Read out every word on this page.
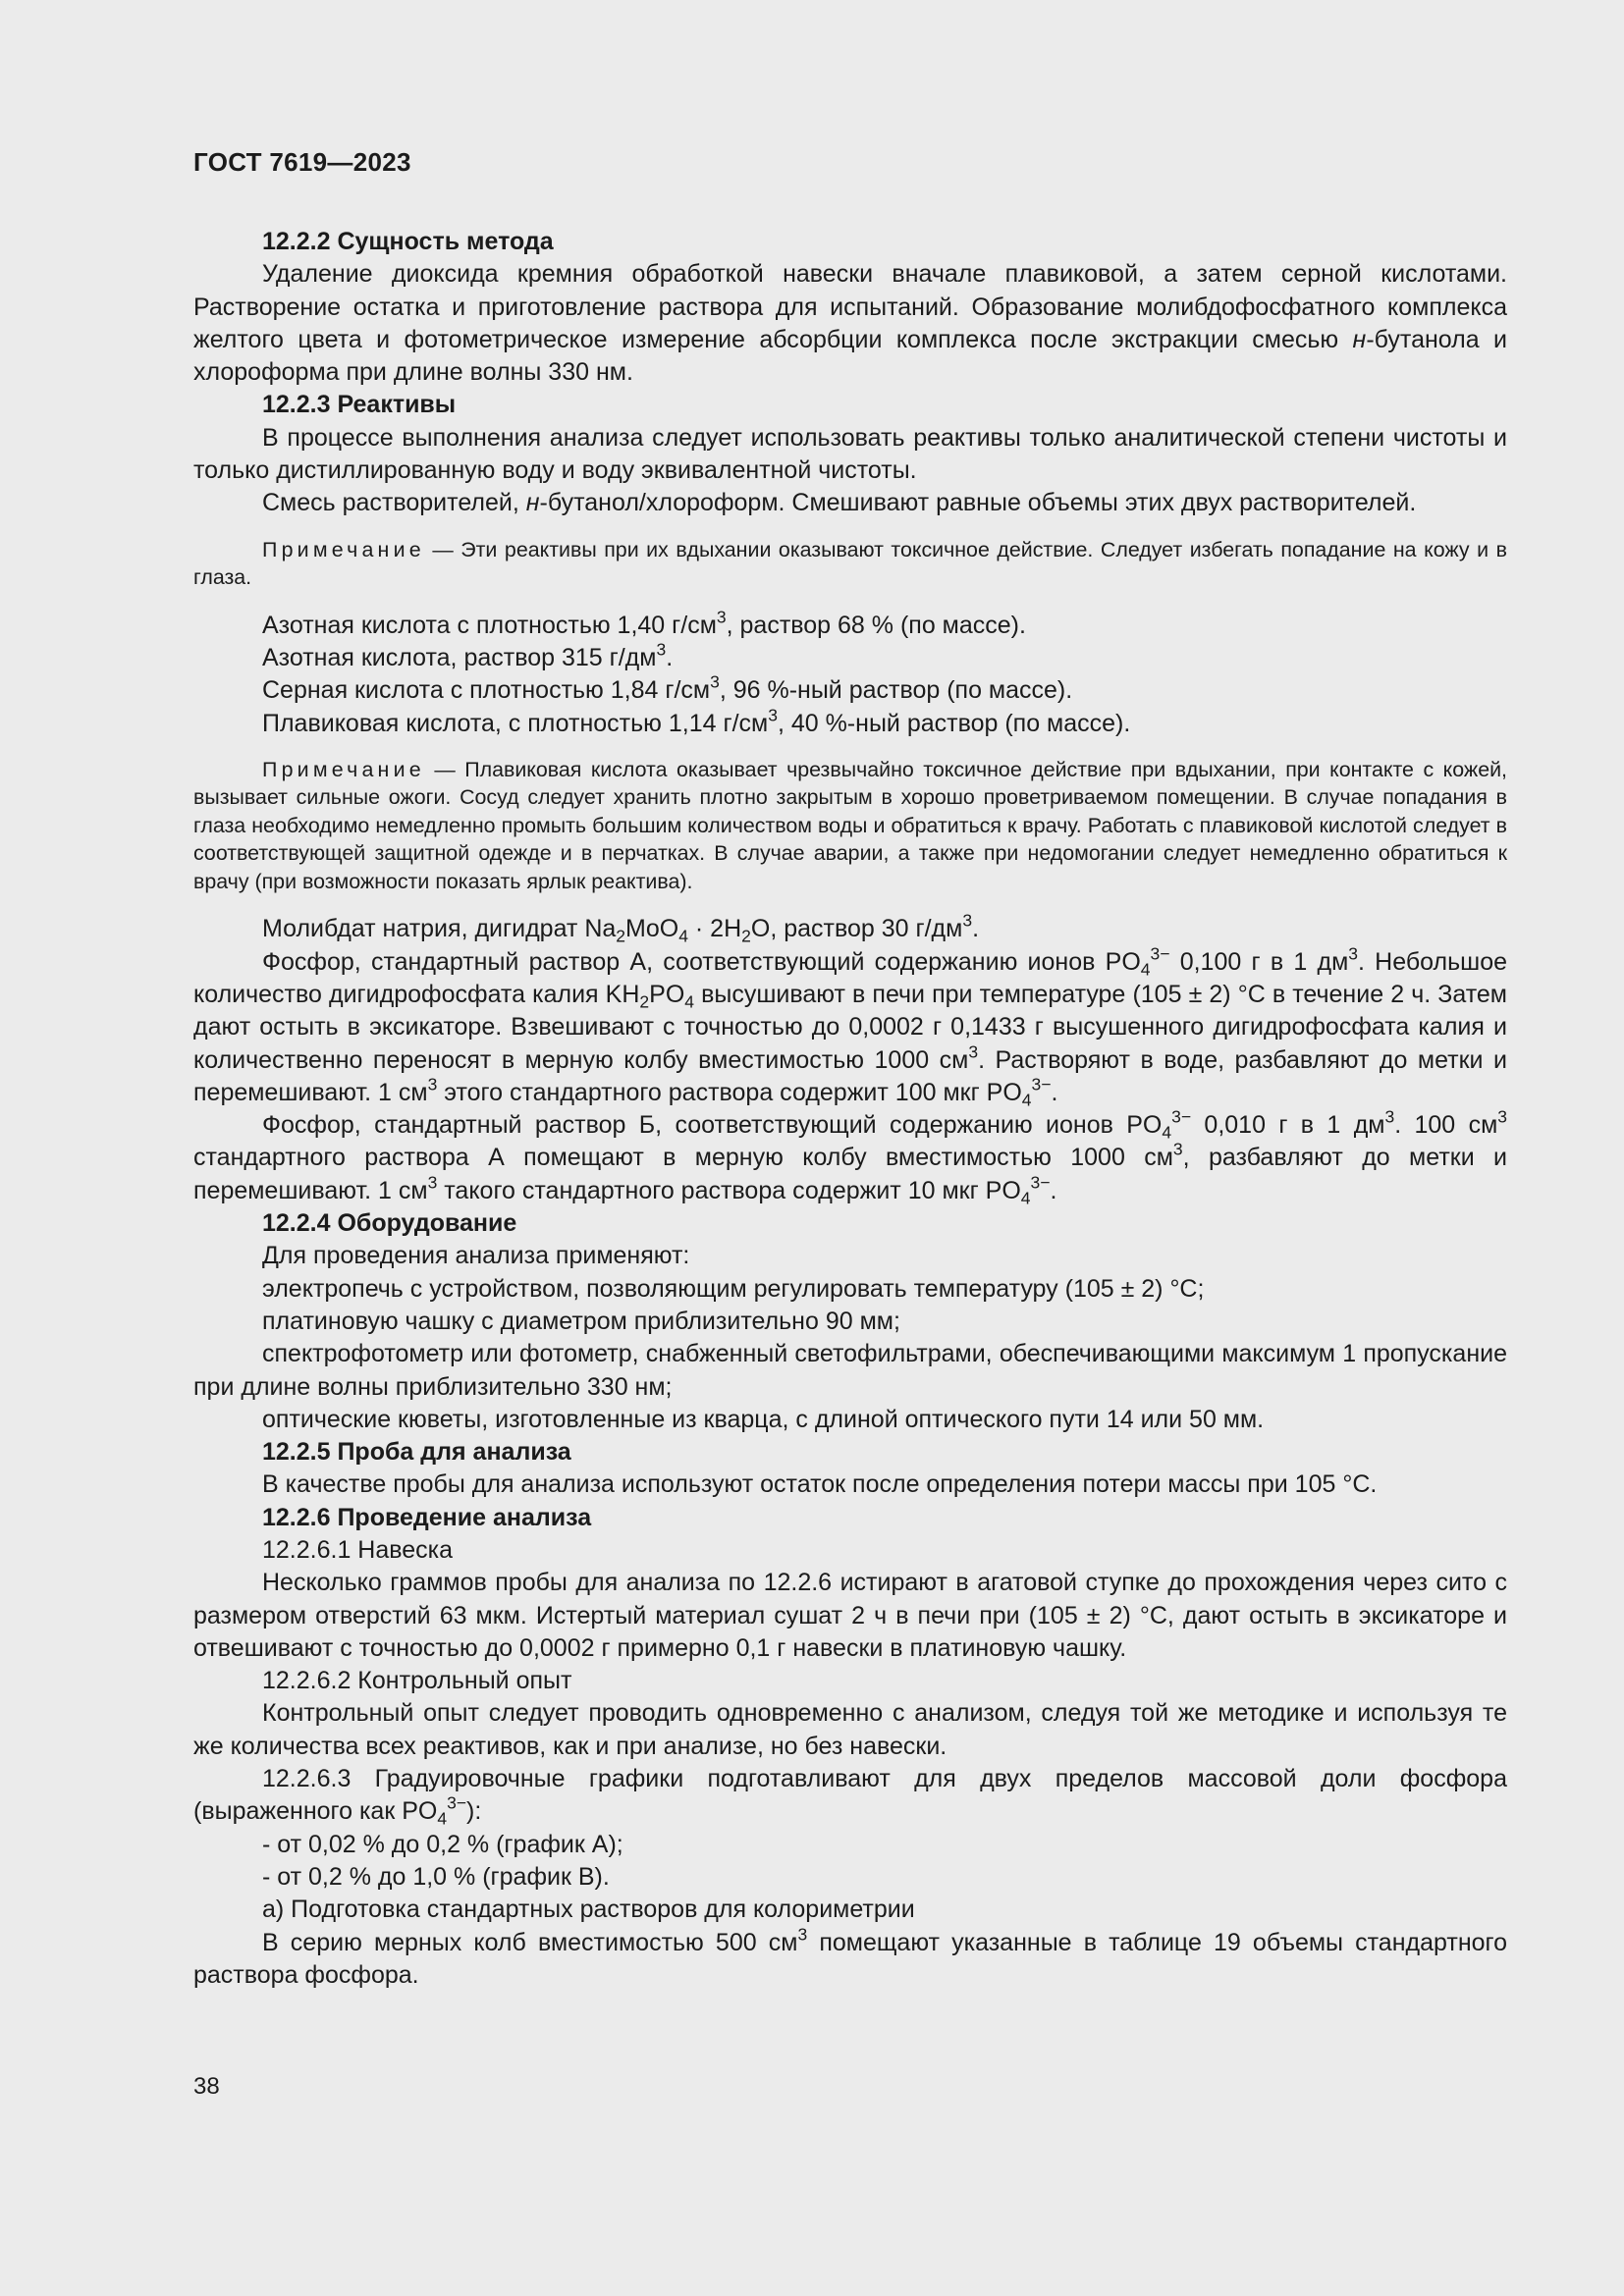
ГОСТ 7619—2023
12.2.2 Сущность метода

Удаление диоксида кремния обработкой навески вначале плавиковой, а затем серной кислотами. Растворение остатка и приготовление раствора для испытаний. Образование молибдофосфатного комплекса желтого цвета и фотометрическое измерение абсорбции комплекса после экстракции смесью н-бутанола и хлороформа при длине волны 330 нм.

12.2.3 Реактивы

В процессе выполнения анализа следует использовать реактивы только аналитической степени чистоты и только дистиллированную воду и воду эквивалентной чистоты.

Смесь растворителей, н-бутанол/хлороформ. Смешивают равные объемы этих двух растворителей.

Примечание — Эти реактивы при их вдыхании оказывают токсичное действие. Следует избегать попадание на кожу и в глаза.

Азотная кислота с плотностью 1,40 $г/см^3$, раствор 68 % (по массе).

Азотная кислота, раствор 315 $г/дм^3$.

Серная кислота с плотностью 1,84 $г/см^3$, 96 %-ный раствор (по массе).

Плавиковая кислота, с плотностью 1,14 $г/см^3$, 40 %-ный раствор (по массе).

Примечание — Плавиковая кислота оказывает чрезвычайно токсичное действие при вдыхании, при контакте с кожей, вызывает сильные ожоги. Сосуд следует хранить плотно закрытым в хорошо проветриваемом помещении. В случае попадания в глаза необходимо немедленно промыть большим количеством воды и обратиться к врачу. Работать с плавиковой кислотой следует в соответствующей защитной одежде и в перчатках. В случае аварии, а также при недомогании следует немедленно обратиться к врачу (при возможности показать ярлык реактива).

Молибдат натрия, дигидрат $Na_2MoO_4 \cdot 2H_2O$, раствор 30 $г/дм^3$.

Фосфор, стандартный раствор А, соответствующий содержанию ионов $PO_4^{3-}$ 0,100 г в 1 $дм^3$. Небольшое количество дигидрофосфата калия $KH_2PO_4$ высушивают в печи при температуре (105 ± 2) °C в течение 2 ч. Затем дают остыть в эксикаторе. Взвешивают с точностью до 0,0002 г 0,1433 г высушенного дигидрофосфата калия и количественно переносят в мерную колбу вместимостью 1000 $см^3$. Растворяют в воде, разбавляют до метки и перемешивают. 1 $см^3$ этого стандартного раствора содержит 100 мкг $PO_4^{3-}$.

Фосфор, стандартный раствор Б, соответствующий содержанию ионов $PO_4^{3-}$ 0,010 г в 1 $дм^3$. 100 $см^3$ стандартного раствора А помещают в мерную колбу вместимостью 1000 $см^3$, разбавляют до метки и перемешивают. 1 $см^3$ такого стандартного раствора содержит 10 мкг $PO_4^{3-}$.

12.2.4 Оборудование

Для проведения анализа применяют:

электропечь с устройством, позволяющим регулировать температуру (105 ± 2) °C;

платиновую чашку с диаметром приблизительно 90 мм;

спектрофотометр или фотометр, снабженный светофильтрами, обеспечивающими максимум 1 пропускание при длине волны приблизительно 330 нм;

оптические кюветы, изготовленные из кварца, с длиной оптического пути 14 или 50 мм.

12.2.5 Проба для анализа

В качестве пробы для анализа используют остаток после определения потери массы при 105 °C.

12.2.6 Проведение анализа

12.2.6.1 Навеска

Несколько граммов пробы для анализа по 12.2.6 истирают в агатовой ступке до прохождения через сито с размером отверстий 63 мкм. Истертый материал сушат 2 ч в печи при (105 ± 2) °C, дают остыть в эксикаторе и отвешивают с точностью до 0,0002 г примерно 0,1 г навески в платиновую чашку.

12.2.6.2 Контрольный опыт

Контрольный опыт следует проводить одновременно с анализом, следуя той же методике и используя те же количества всех реактивов, как и при анализе, но без навески.

12.2.6.3 Градуировочные графики подготавливают для двух пределов массовой доли фосфора (выраженного как $PO_4^{3-}$):

- от 0,02 % до 0,2 % (график А);

- от 0,2 % до 1,0 % (график В).

а) Подготовка стандартных растворов для колориметрии

В серию мерных колб вместимостью 500 $см^3$ помещают указанные в таблице 19 объемы стандартного раствора фосфора.

38
